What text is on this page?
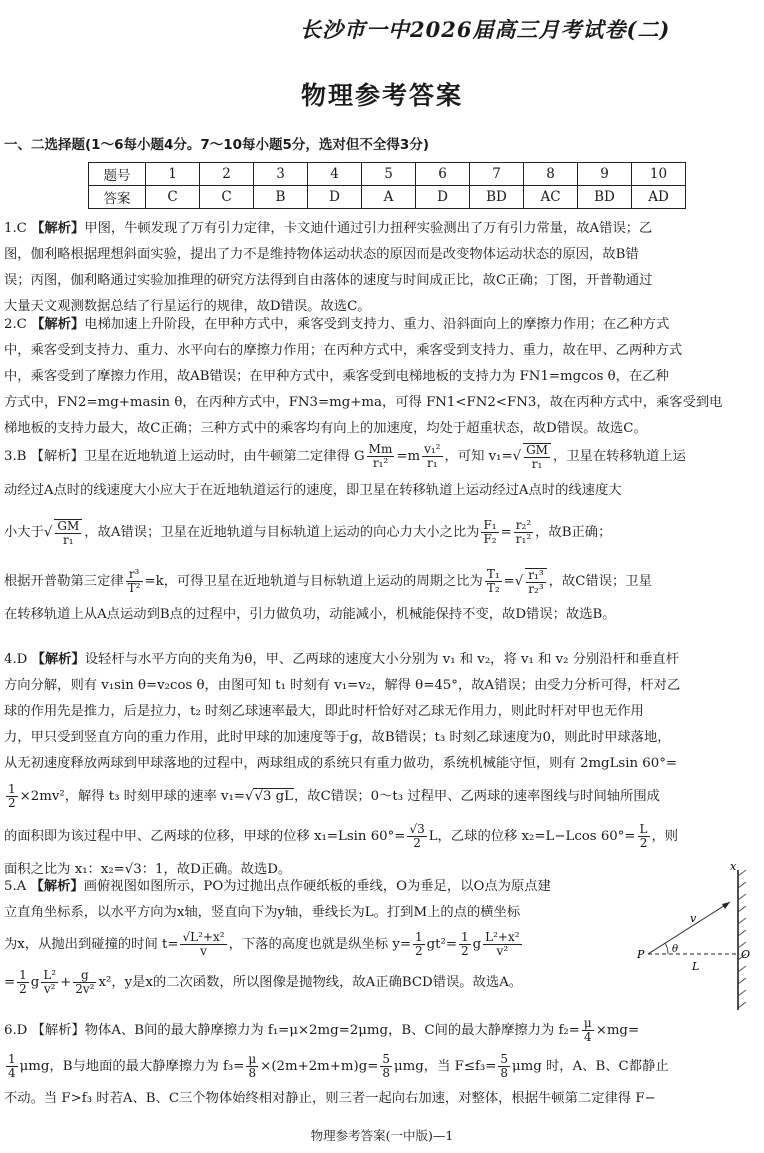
长沙市一中2026届高三月考试卷(二)
物理参考答案
一、二选择题(1～6每小题4分。7～10每小题5分，选对但不全得3分)
题号	1	2	3	4	5	6	7	8	9	10
答案	C	C	B	D	A	D	BD	AC	BD	AD
1.C 【解析】甲图，牛顿发现了万有引力定律，卡文迪什通过引力扭秤实验测出了万有引力常量，故A错误；乙
图，伽利略根据理想斜面实验，提出了力不是维持物体运动状态的原因而是改变物体运动状态的原因，故B错
误；丙图，伽利略通过实验加推理的研究方法得到自由落体的速度与时间成正比，故C正确；丁图，开普勒通过
大量天文观测数据总结了行星运行的规律，故D错误。故选C。
2.C 【解析】电梯加速上升阶段，在甲种方式中，乘客受到支持力、重力、沿斜面向上的摩擦力作用；在乙种方式
中，乘客受到支持力、重力、水平向右的摩擦力作用；在丙种方式中，乘客受到支持力、重力，故在甲、乙两种方式
中，乘客受到了摩擦力作用，故AB错误；在甲种方式中，乘客受到电梯地板的支持力为 FN1=mgcos θ，在乙种
方式中，FN2=mg+masin θ，在丙种方式中，FN3=mg+ma，可得 FN1<FN2<FN3，故在丙种方式中，乘客受到电
梯地板的支持力最大，故C正确；三种方式中的乘客均有向上的加速度，均处于超重状态，故D错误。故选C。
3.B 【解析】卫星在近地轨道上运动时，由牛顿第二定律得 G $\frac{Mm}{\text{r₁²}} =m \frac{\text{v₁²}}{\text{r₁}}$ ，可知 $v_1=√ \frac{GM}{\text{r₁}}$ ，卫星在转移轨道上运
动经过A点时的线速度大小应大于在近地轨道运行的速度，即卫星在转移轨道上运动经过A点时的线速度大
小大于√ $\frac{GM}{\text{r₁}}$ ，故A错误；卫星在近地轨道与目标轨道上运动的向心力大小之比为 $\frac{\text{F₁}}{\text{F₂}} = \frac{\text{r₂²}}{\text{r₁²}}$ ，故B正确；
根据开普勒第三定律 $\frac{\text{r³}}{\text{T²}} =k$，可得卫星在近地轨道与目标轨道上运动的周期之比为 $\frac{\text{T₁}}{\text{T₂}}$ =√ $\frac{\text{r₁³}}{\text{r₂³}}$ ，故C错误；卫星
在转移轨道上从A点运动到B点的过程中，引力做负功，动能减小，机械能保持不变，故D错误；故选B。
4.D 【解析】设轻杆与水平方向的夹角为θ，甲、乙两球的速度大小分别为 v₁ 和 v₂，将 v₁ 和 v₂ 分别沿杆和垂直杆
方向分解，则有 v₁sin θ=v₂cos θ，由图可知 t₁ 时刻有 v₁=v₂，解得 θ=45°，故A错误；由受力分析可得，杆对乙
球的作用先是推力，后是拉力，t₂ 时刻乙球速率最大，即此时杆恰好对乙球无作用力，则此时杆对甲也无作用
力，甲只受到竖直方向的重力作用，此时甲球的加速度等于g，故B错误；t₃ 时刻乙球速度为0，则此时甲球落地，
从无初速度释放两球到甲球落地的过程中，两球组成的系统只有重力做功，系统机械能守恒，则有 2mgLsin 60°=
$\frac{1}{2} \times 2mv^2$，解得 t₃ 时刻甲球的速率 v₁=√√3 gL，故C错误；0～t₃ 过程甲、乙两球的速率图线与时间轴所围成
的面积即为该过程中甲、乙两球的位移，甲球的位移 x₁=Lsin $60^\circ= \frac{√3}{2}$ L，乙球的位移 x₂=L−Lcos $60^\circ= \frac{L}{2}$ ，则
面积之比为 x₁：x₂=√3：1，故D正确。故选D。
5.A 【解析】画俯视图如图所示，PO为过抛出点作硬纸板的垂线，O为垂足，以O点为原点建
立直角坐标系，以水平方向为x轴，竖直向下为y轴，垂线长为L。打到M上的点的横坐标
为x，从抛出到碰撞的时间 $t= \frac{\text{√L²+x²}}{v}$ ，下落的高度也就是纵坐标 $y= \frac{1}{2} gt^2= \frac{1}{2}$ g $\frac{\text{L²+x²}}{\text{v²}}$
= $\frac{1}{2}$ g $\frac{\text{L²}}{\text{v²}} + \frac{g}{\text{2v²}} x^2$，y是x的二次函数，所以图像是抛物线，故A正确BCD错误。故选A。
x
v
P	θ	O
L
6.D 【解析】物体A、B间的最大静摩擦力为 f₁=μ×2mg=2μmg，B、C间的最大静摩擦力为 $f_2= \frac{\mu}{4} \times mg=$
$\frac{1}{4}$ μmg，B与地面的最大静摩擦力为 $f_3= \frac{\mu}{8} \times(2m+2m+m)g= \frac{5}{8}$ μmg，当 $F\le f_3= \frac{5}{8}$ μmg 时，A、B、C都静止
不动。当 F>f₃ 时若A、B、C三个物体始终相对静止，则三者一起向右加速，对整体，根据牛顿第二定律得 F−
物理参考答案(一中版)—1
